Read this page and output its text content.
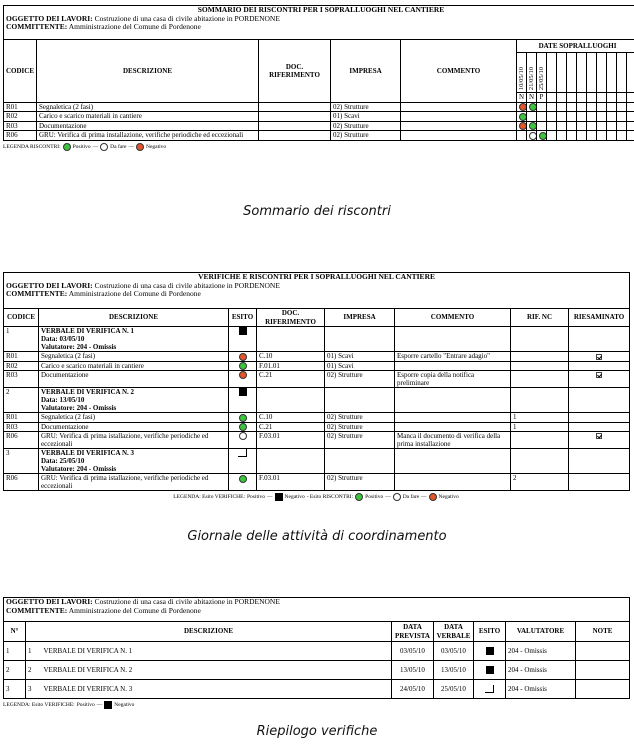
SOMMARIO DEI RISCONTRI PER I SOPRALLUOGHI NEL CANTIERE
OGGETTO DEI LAVORI: Costruzione di una casa di civile abitazione in PORDENONE
COMMITTENTE: Amministrazione del Comune di Pordenone																

CODICE	DESCRIZIONE	DOC. RIFERIMENTO	IMPRESA	COMMENTO	DATE SOPRALLUOGHI											
					10/05/10	21/05/10	25/05/10									
					N	N	P									
R01	Segnaletica (2 fasi)		02) Strutture													
R02	Carico e scarico materiali in cantiere		01) Scavi													
R03	Documentazione		02) Strutture													
R06	GRU: Verifica di prima installazione, verifiche periodiche ed eccezionali		02) Strutture													
LEGENDA RISCONTRI: Positivo — Da fare — Negativo
Sommario dei riscontri
VERIFICHE E RISCONTRI PER I SOPRALLUOGHI NEL CANTIERE
OGGETTO DEI LAVORI: Costruzione di una casa di civile abitazione in PORDENONE
COMMITTENTE: Amministrazione del Comune di Pordenone							

CODICE	DESCRIZIONE	ESITO	DOC. RIFERIMENTO	IMPRESA	COMMENTO	RIF. NC	RIESAMINATO
1	VERBALE DI VERIFICA N. 1
Data: 03/05/10
Valutatore: 204 - Omissis						

R01	Segnaletica (2 fasi)		C.10	01) Scavi	Esporre cartello "Entrare adagio"		
R02	Carico e scarico materiali in cantiere		F.01.01	01) Scavi			
R03	Documentazione		C.21	02) Strutture	Esporre copia della notifica preliminare		
2	VERBALE DI VERIFICA N. 2
Data: 13/05/10
Valutatore: 204 - Omissis						

R01	Segnaletica (2 fasi)		C.10	02) Strutture		1	
R03	Documentazione		C.21	02) Strutture		1	
R06	GRU: Verifica di prima istallazione, verifiche periodiche ed eccezionali		F.03.01	02) Strutture	Manca il documento di verifica della prima installazione		
3	VERBALE DI VERIFICA N. 3
Data: 25/05/10
Valutatore: 204 - Omissis						

R06	GRU: Verifica di prima istallazione, verifiche periodiche ed eccezionali		F.03.01	02) Strutture		2	
LEGENDA: Esito VERIFICHE: Positivo — Negativo - Esito RISCONTRI: Positivo — Da fare — Negativo
Giornale delle attività di coordinamento
OGGETTO DEI LAVORI: Costruzione di una casa di civile abitazione in PORDENONE
COMMITTENTE: Amministrazione del Comune di Pordenone						

N°	DESCRIZIONE	DATA PREVISTA	DATA VERBALE	ESITO	VALUTATORE	NOTE
1	1 VERBALE DI VERIFICA N. 1	03/05/10	03/05/10		204 - Omissis	
2	2 VERBALE DI VERIFICA N. 2	13/05/10	13/05/10		204 - Omissis	
3	3 VERBALE DI VERIFICA N. 3	24/05/10	25/05/10		204 - Omissis	
LEGENDA: Esito VERIFICHE: Positivo — Negativo
Riepilogo verifiche
